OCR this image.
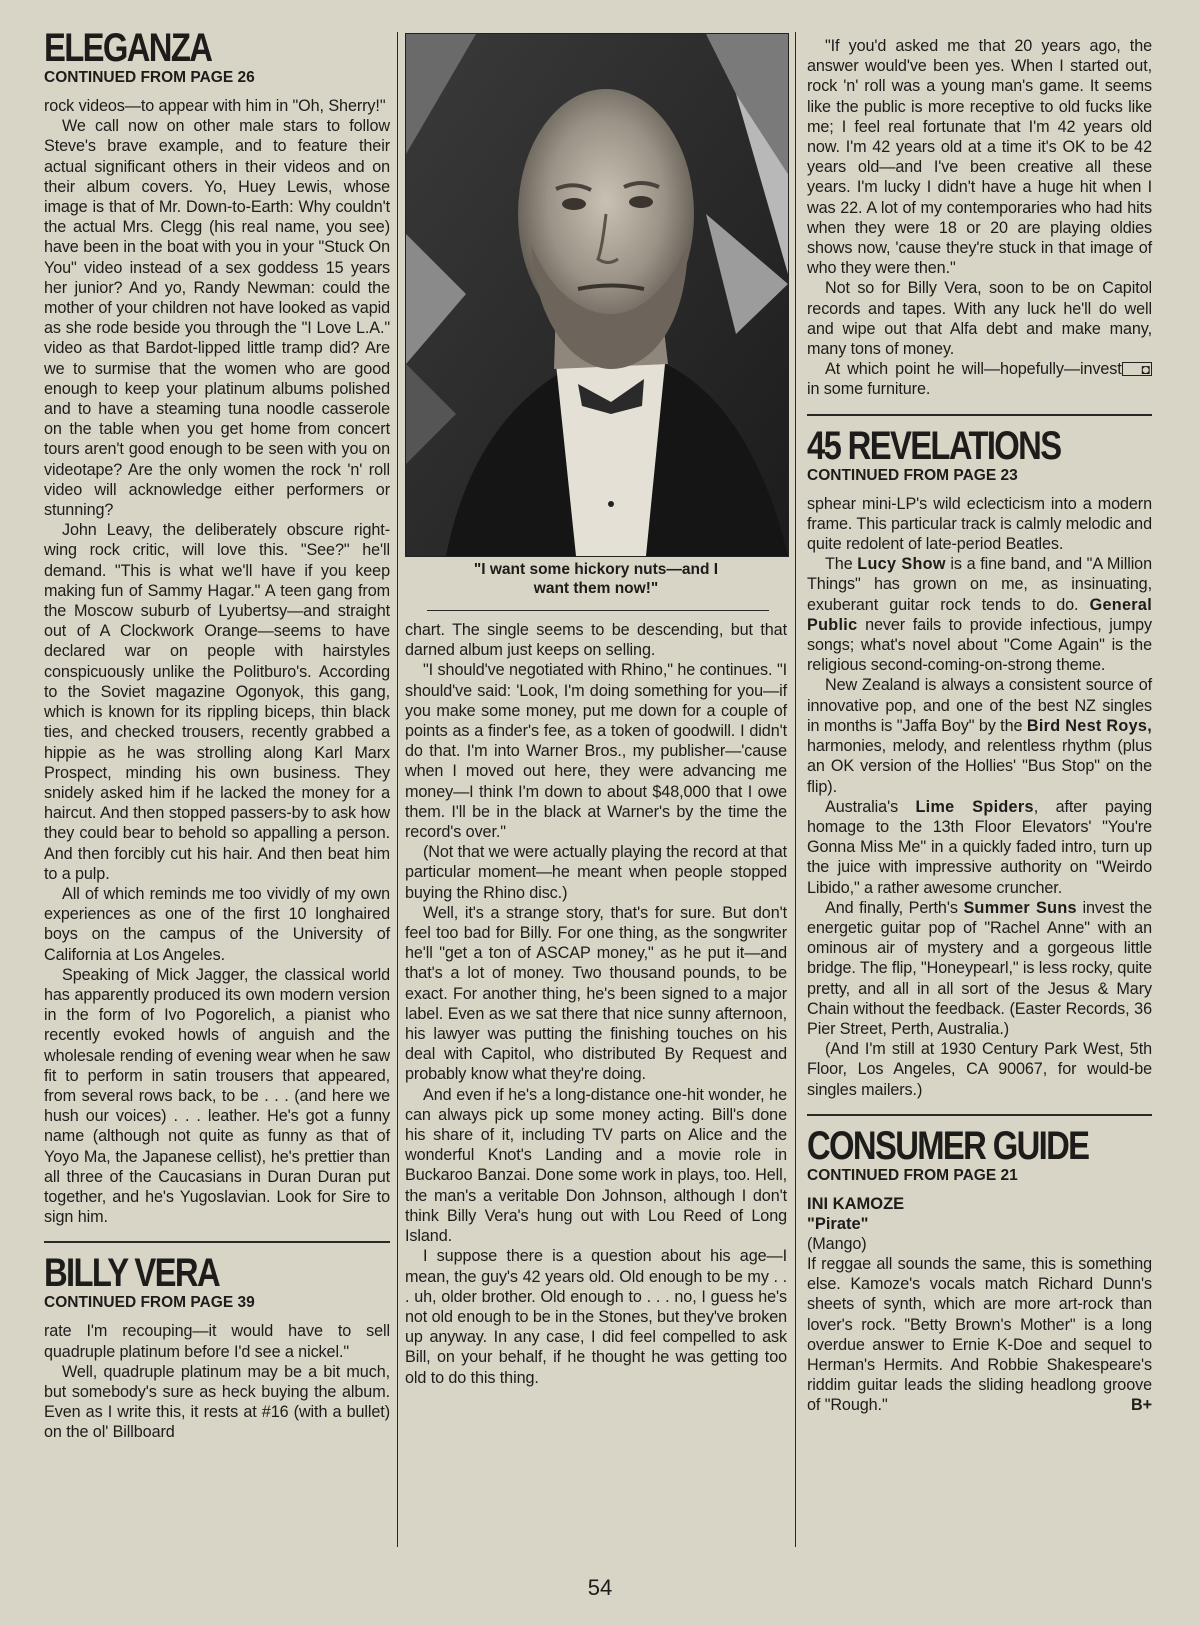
ELEGANZA

CONTINUED FROM PAGE 26

rock videos—to appear with him in "Oh, Sherry!"

We call now on other male stars to follow Steve's brave example, and to feature their actual significant others in their videos and on their album covers. Yo, Huey Lewis, whose image is that of Mr. Down-to-Earth: Why couldn't the actual Mrs. Clegg (his real name, you see) have been in the boat with you in your "Stuck On You" video instead of a sex goddess 15 years her junior? And yo, Randy Newman: could the mother of your children not have looked as vapid as she rode beside you through the "I Love L.A." video as that Bardot-lipped little tramp did? Are we to surmise that the women who are good enough to keep your platinum albums polished and to have a steaming tuna noodle casserole on the table when you get home from concert tours aren't good enough to be seen with you on videotape? Are the only women the rock 'n' roll video will acknowledge either performers or stunning?

John Leavy, the deliberately obscure right-wing rock critic, will love this. "See?" he'll demand. "This is what we'll have if you keep making fun of Sammy Hagar." A teen gang from the Moscow suburb of Lyubertsy—and straight out of A Clockwork Orange—seems to have declared war on people with hairstyles conspicuously unlike the Politburo's. According to the Soviet magazine Ogonyok, this gang, which is known for its rippling biceps, thin black ties, and checked trousers, recently grabbed a hippie as he was strolling along Karl Marx Prospect, minding his own business. They snidely asked him if he lacked the money for a haircut. And then stopped passers-by to ask how they could bear to behold so appalling a person. And then forcibly cut his hair. And then beat him to a pulp.

All of which reminds me too vividly of my own experiences as one of the first 10 longhaired boys on the campus of the University of California at Los Angeles.

Speaking of Mick Jagger, the classical world has apparently produced its own modern version in the form of Ivo Pogorelich, a pianist who recently evoked howls of anguish and the wholesale rending of evening wear when he saw fit to perform in satin trousers that appeared, from several rows back, to be . . . (and here we hush our voices) . . . leather. He's got a funny name (although not quite as funny as that of Yoyo Ma, the Japanese cellist), he's prettier than all three of the Caucasians in Duran Duran put together, and he's Yugoslavian. Look for Sire to sign him.

BILLY VERA

CONTINUED FROM PAGE 39

rate I'm recouping—it would have to sell quadruple platinum before I'd see a nickel."

Well, quadruple platinum may be a bit much, but somebody's sure as heck buying the album. Even as I write this, it rests at #16 (with a bullet) on the ol' Billboard

"I want some hickory nuts—and I
want them now!"

chart. The single seems to be descending, but that darned album just keeps on selling.

"I should've negotiated with Rhino," he continues. "I should've said: 'Look, I'm doing something for you—if you make some money, put me down for a couple of points as a finder's fee, as a token of goodwill. I didn't do that. I'm into Warner Bros., my publisher—'cause when I moved out here, they were advancing me money—I think I'm down to about $48,000 that I owe them. I'll be in the black at Warner's by the time the record's over."

(Not that we were actually playing the record at that particular moment—he meant when people stopped buying the Rhino disc.)

Well, it's a strange story, that's for sure. But don't feel too bad for Billy. For one thing, as the songwriter he'll "get a ton of ASCAP money," as he put it—and that's a lot of money. Two thousand pounds, to be exact. For another thing, he's been signed to a major label. Even as we sat there that nice sunny afternoon, his lawyer was putting the finishing touches on his deal with Capitol, who distributed By Request and probably know what they're doing.

And even if he's a long-distance one-hit wonder, he can always pick up some money acting. Bill's done his share of it, including TV parts on Alice and the wonderful Knot's Landing and a movie role in Buckaroo Banzai. Done some work in plays, too. Hell, the man's a veritable Don Johnson, although I don't think Billy Vera's hung out with Lou Reed of Long Island.

I suppose there is a question about his age—I mean, the guy's 42 years old. Old enough to be my . . . uh, older brother. Old enough to . . . no, I guess he's not old enough to be in the Stones, but they've broken up anyway. In any case, I did feel compelled to ask Bill, on your behalf, if he thought he was getting too old to do this thing.

"If you'd asked me that 20 years ago, the answer would've been yes. When I started out, rock 'n' roll was a young man's game. It seems like the public is more receptive to old fucks like me; I feel real fortunate that I'm 42 years old now. I'm 42 years old at a time it's OK to be 42 years old—and I've been creative all these years. I'm lucky I didn't have a huge hit when I was 22. A lot of my contemporaries who had hits when they were 18 or 20 are playing oldies shows now, 'cause they're stuck in that image of who they were then."

Not so for Billy Vera, soon to be on Capitol records and tapes. With any luck he'll do well and wipe out that Alfa debt and make many, many tons of money.

◘
At which point he will—hopefully—invest in some furniture.

45 REVELATIONS

CONTINUED FROM PAGE 23

sphear mini-LP's wild eclecticism into a modern frame. This particular track is calmly melodic and quite redolent of late-period Beatles.

The Lucy Show is a fine band, and "A Million Things" has grown on me, as insinuating, exuberant guitar rock tends to do. General Public never fails to provide infectious, jumpy songs; what's novel about "Come Again" is the religious second-coming-on-strong theme.

New Zealand is always a consistent source of innovative pop, and one of the best NZ singles in months is "Jaffa Boy" by the Bird Nest Roys, harmonies, melody, and relentless rhythm (plus an OK version of the Hollies' "Bus Stop" on the flip).

Australia's Lime Spiders, after paying homage to the 13th Floor Elevators' "You're Gonna Miss Me" in a quickly faded intro, turn up the juice with impressive authority on "Weirdo Libido," a rather awesome cruncher.

And finally, Perth's Summer Suns invest the energetic guitar pop of "Rachel Anne" with an ominous air of mystery and a gorgeous little bridge. The flip, "Honeypearl," is less rocky, quite pretty, and all in all sort of the Jesus & Mary Chain without the feedback. (Easter Records, 36 Pier Street, Perth, Australia.)

(And I'm still at 1930 Century Park West, 5th Floor, Los Angeles, CA 90067, for would-be singles mailers.)

CONSUMER GUIDE

CONTINUED FROM PAGE 21

INI KAMOZE

"Pirate"

(Mango)

If reggae all sounds the same, this is something else. Kamoze's vocals match Richard Dunn's sheets of synth, which are more art-rock than lover's rock. "Betty Brown's Mother" is a long overdue answer to Ernie K-Doe and sequel to Herman's Hermits. And Robbie Shakespeare's riddim guitar leads the sliding headlong groove of "Rough."	B+

54
